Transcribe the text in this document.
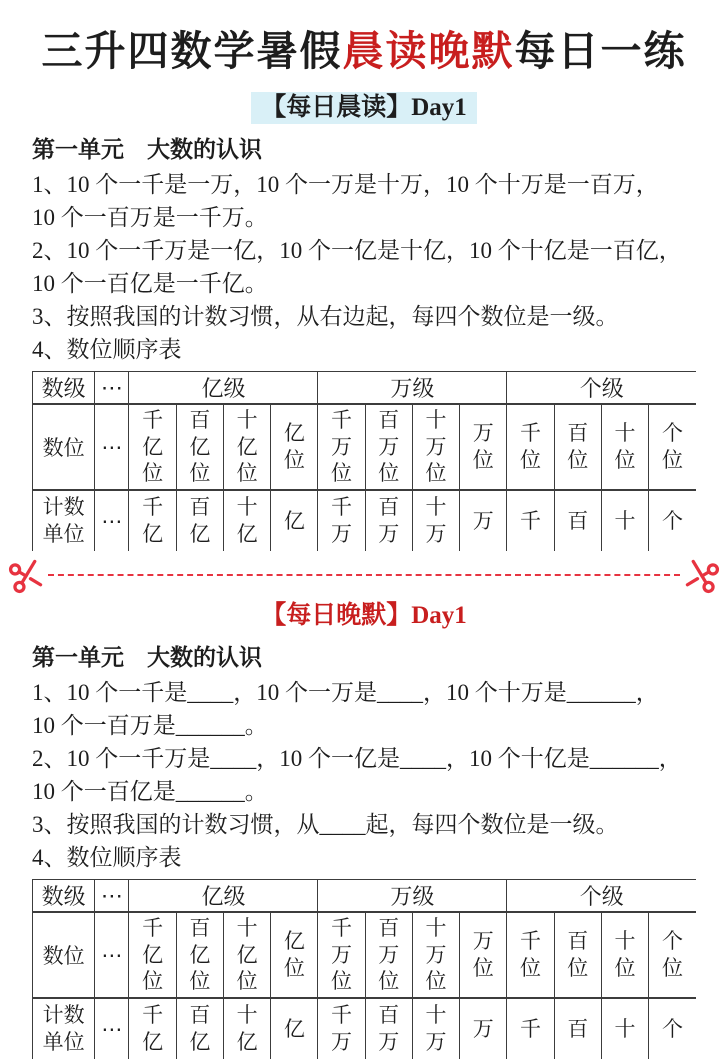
三升四数学暑假晨读晚默每日一练
【每日晨读】Day1
第一单元　大数的认识
1、10 个一千是一万，10 个一万是十万，10 个十万是一百万，
10 个一百万是一千万。
2、10 个一千万是一亿，10 个一亿是十亿，10 个十亿是一百亿，
10 个一百亿是一千亿。
3、按照我国的计数习惯，从右边起，每四个数位是一级。
4、数位顺序表
数级	⋯	亿级				万级				个级			
数位	⋯	千亿位	百亿位	十亿位	亿位	千万位	百万位	十万位	万位	千位	百位	十位	个位
计数单位	⋯	千亿	百亿	十亿	亿	千万	百万	十万	万	千	百	十	个
【每日晚默】Day1
第一单元　大数的认识
1、10 个一千是____，10 个一万是____，10 个十万是______，
10 个一百万是______。
2、10 个一千万是____，10 个一亿是____，10 个十亿是______，
10 个一百亿是______。
3、按照我国的计数习惯，从____起，每四个数位是一级。
4、数位顺序表
数级	⋯	亿级				万级				个级			
数位	⋯	千亿位	百亿位	十亿位	亿位	千万位	百万位	十万位	万位	千位	百位	十位	个位
计数单位	⋯	千亿	百亿	十亿	亿	千万	百万	十万	万	千	百	十	个
